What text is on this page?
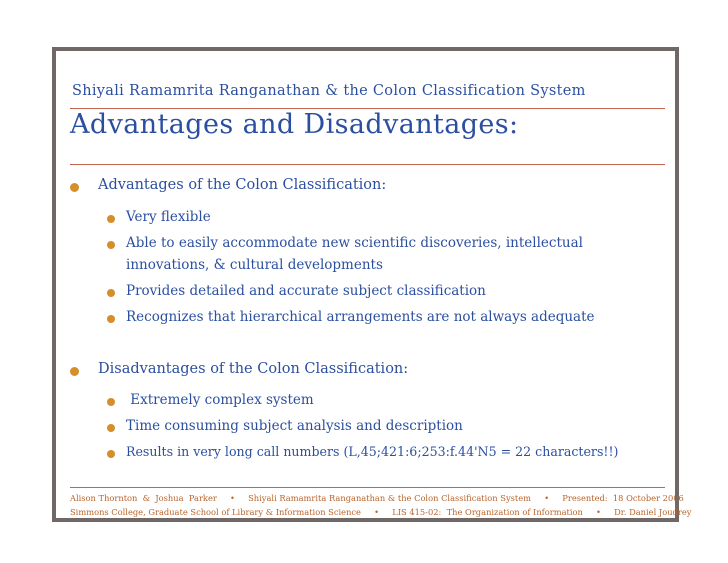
Shiyali Ramamrita Ranganathan & the Colon Classification System
Advantages and Disadvantages:
Advantages of the Colon Classification:
Very flexible
Able to easily accommodate new scientific discoveries, intellectual
innovations, & cultural developments
Provides detailed and accurate subject classification
Recognizes that hierarchical arrangements are not always adequate
Disadvantages of the Colon Classification:
Extremely complex system
Time consuming subject analysis and description
Results in very long call numbers (L,45;421:6;253:f.44'N5 = 22 characters!!)
Alison Thornton  &  Joshua  Parker     •     Shiyali Ramamrita Ranganathan & the Colon Classification System     •     Presented:  18 October 2006
Simmons College, Graduate School of Library & Information Science     •     LIS 415-02:  The Organization of Information     •     Dr. Daniel Joudrey
